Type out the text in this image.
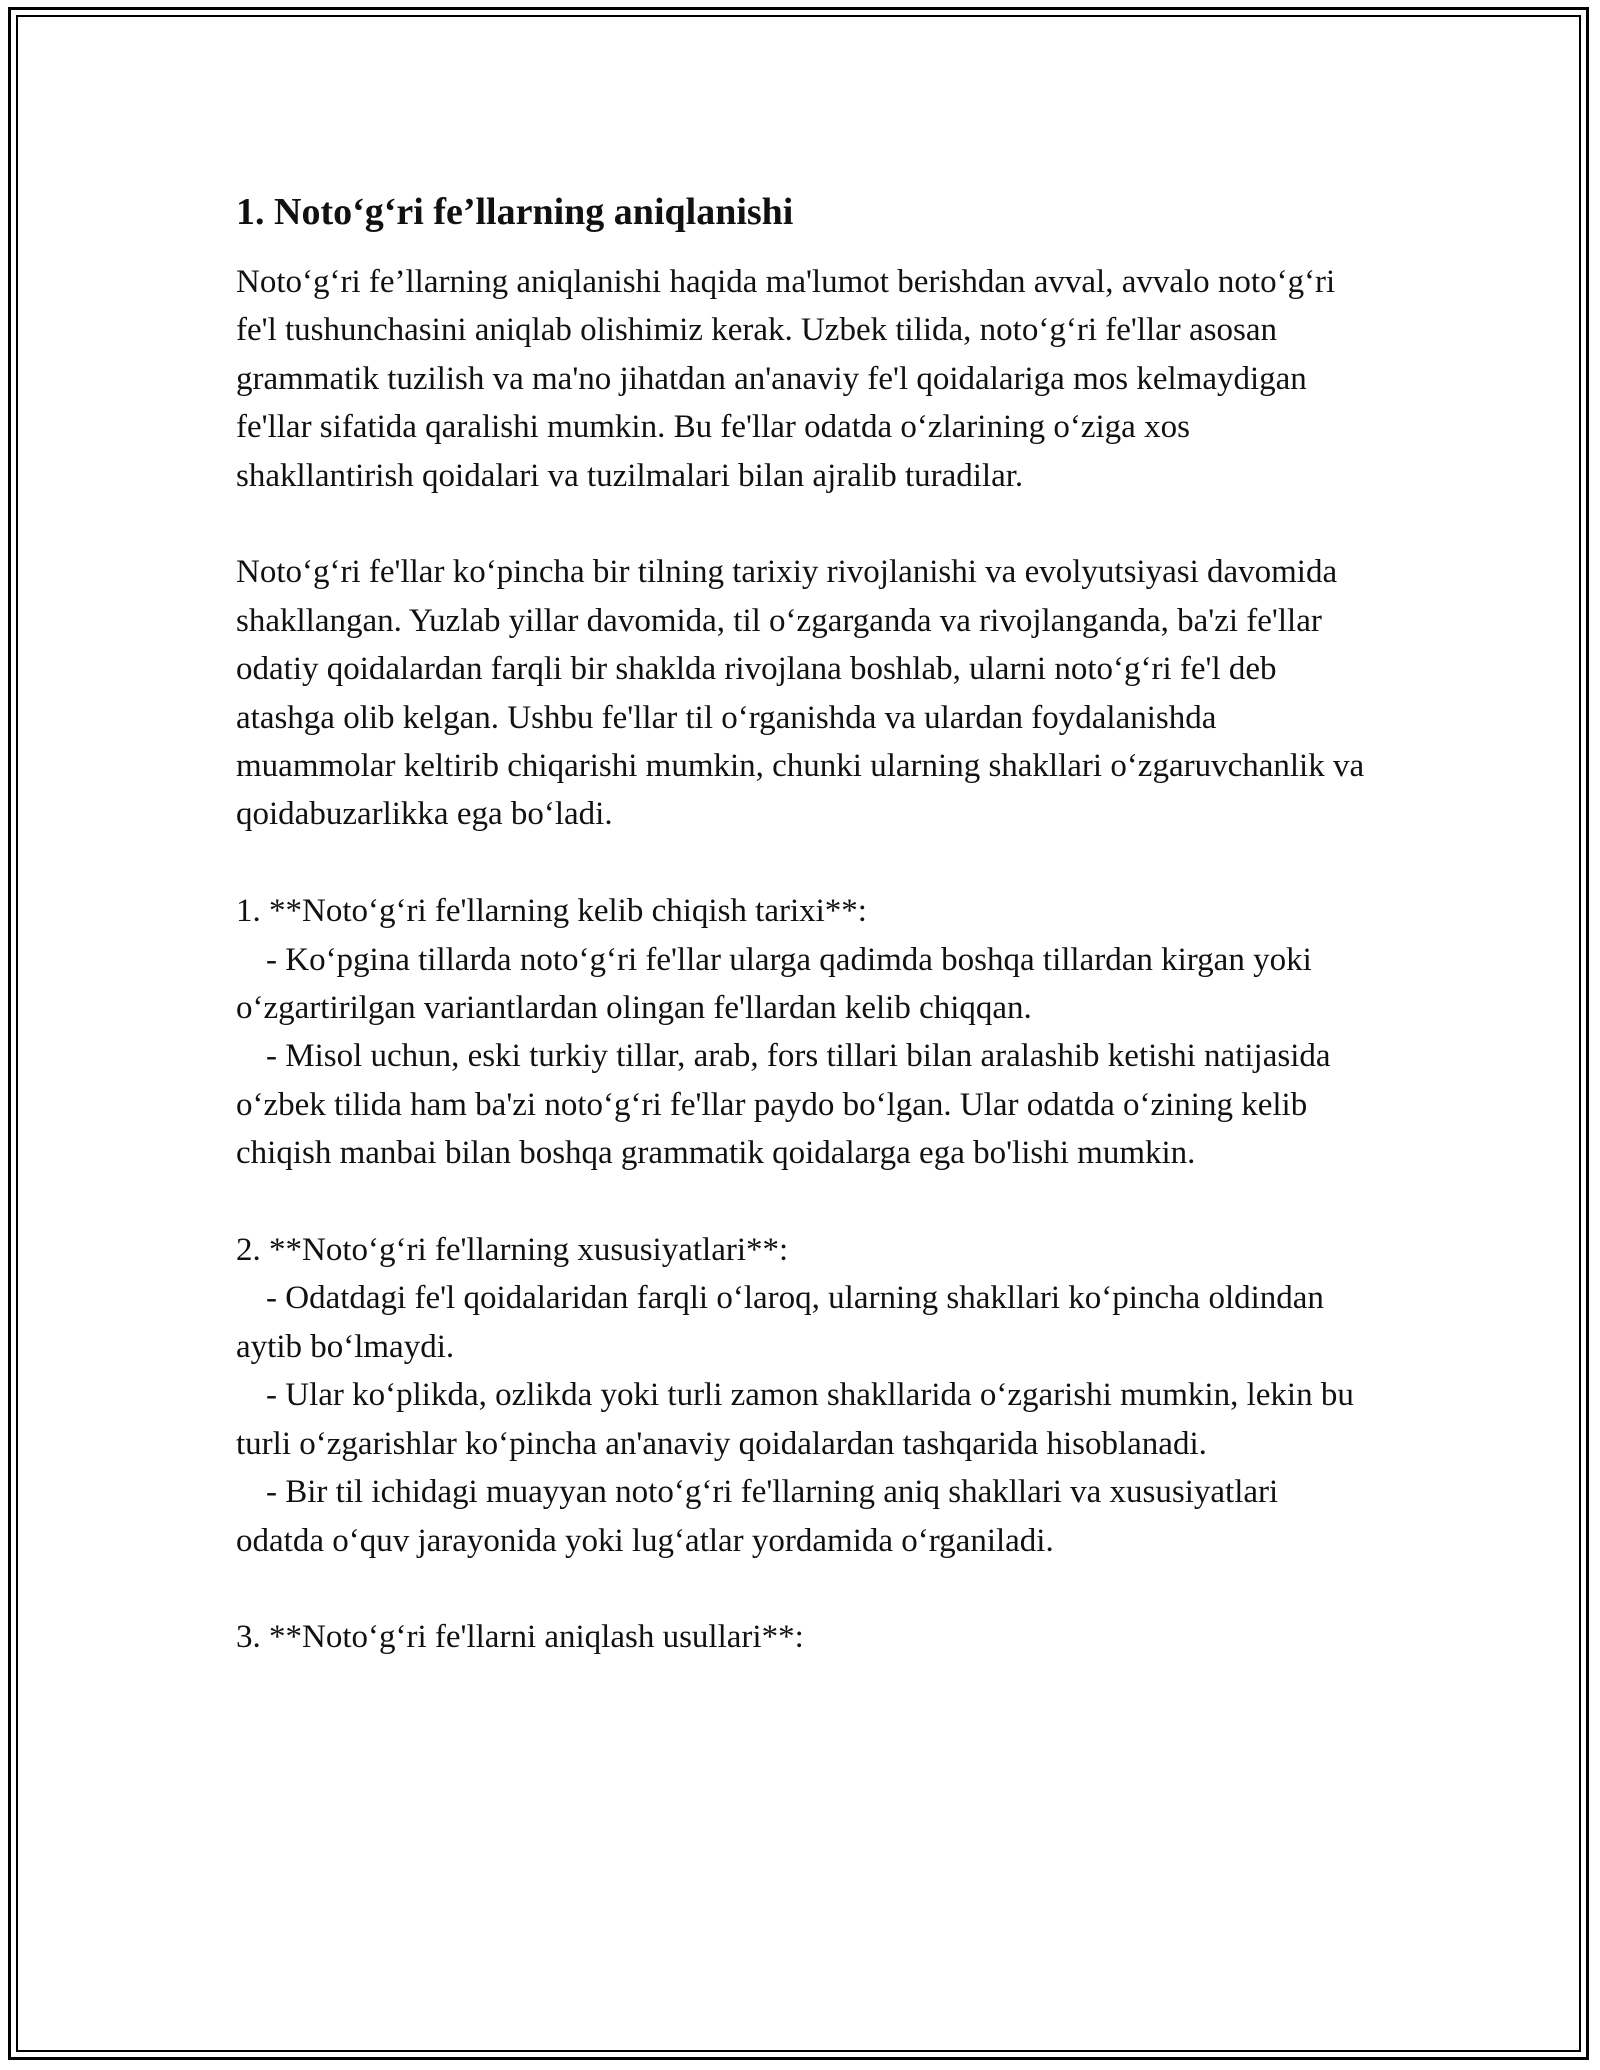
1. Noto‘g‘ri fe’llarning aniqlanishi

Noto‘g‘ri fe’llarning aniqlanishi haqida ma'lumot berishdan avval, avvalo noto‘g‘ri fe'l tushunchasini aniqlab olishimiz kerak. Uzbek tilida, noto‘g‘ri fe'llar asosan grammatik tuzilish va ma'no jihatdan an'anaviy fe'l qoidalariga mos kelmaydigan fe'llar sifatida qaralishi mumkin. Bu fe'llar odatda o‘zlarining o‘ziga xos shakllantirish qoidalari va tuzilmalari bilan ajralib turadilar.

Noto‘g‘ri fe'llar ko‘pincha bir tilning tarixiy rivojlanishi va evolyutsiyasi davomida shakllangan. Yuzlab yillar davomida, til o‘zgarganda va rivojlanganda, ba'zi fe'llar odatiy qoidalardan farqli bir shaklda rivojlana boshlab, ularni noto‘g‘ri fe'l deb atashga olib kelgan. Ushbu fe'llar til o‘rganishda va ulardan foydalanishda muammolar keltirib chiqarishi mumkin, chunki ularning shakllari o‘zgaruvchanlik va qoidabuzarlikka ega bo‘ladi.

1. **Noto‘g‘ri fe'llarning kelib chiqish tarixi**:

- Ko‘pgina tillarda noto‘g‘ri fe'llar ularga qadimda boshqa tillardan kirgan yoki o‘zgartirilgan variantlardan olingan fe'llardan kelib chiqqan.

- Misol uchun, eski turkiy tillar, arab, fors tillari bilan aralashib ketishi natijasida o‘zbek tilida ham ba'zi noto‘g‘ri fe'llar paydo bo‘lgan. Ular odatda o‘zining kelib chiqish manbai bilan boshqa grammatik qoidalarga ega bo'lishi mumkin.

2. **Noto‘g‘ri fe'llarning xususiyatlari**:

- Odatdagi fe'l qoidalaridan farqli o‘laroq, ularning shakllari ko‘pincha oldindan aytib bo‘lmaydi.

- Ular ko‘plikda, ozlikda yoki turli zamon shakllarida o‘zgarishi mumkin, lekin bu turli o‘zgarishlar ko‘pincha an'anaviy qoidalardan tashqarida hisoblanadi.

- Bir til ichidagi muayyan noto‘g‘ri fe'llarning aniq shakllari va xususiyatlari odatda o‘quv jarayonida yoki lug‘atlar yordamida o‘rganiladi.

3. **Noto‘g‘ri fe'llarni aniqlash usullari**:
